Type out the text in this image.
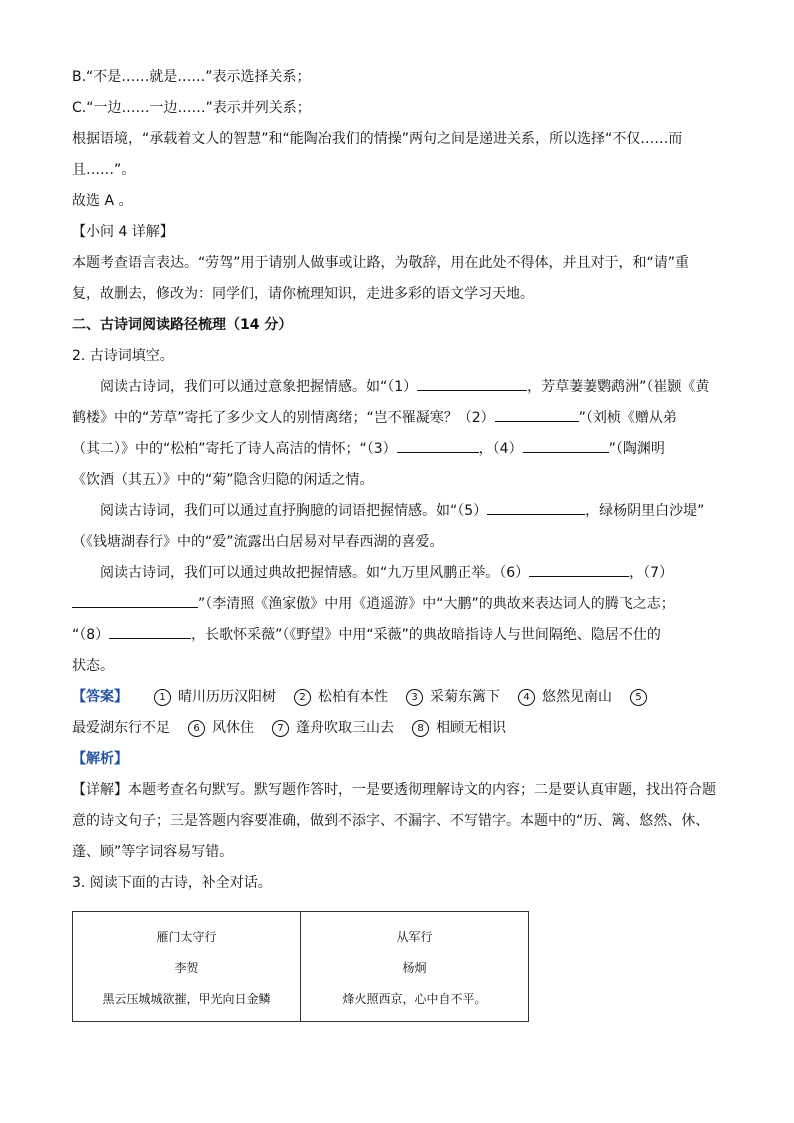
B.“不是……就是……”表示选择关系；
C.“一边……一边……”表示并列关系；
根据语境，“承载着文人的智慧”和“能陶冶我们的情操”两句之间是递进关系，所以选择“不仅……而
且……”。
故选 A 。
【小问 4 详解】
本题考查语言表达。“劳驾”用于请别人做事或让路，为敬辞，用在此处不得体，并且对于，和“请”重
复，故删去，修改为：同学们，请你梳理知识，走进多彩的语文学习天地。
二、古诗词阅读路径梳理（14 分）
2. 古诗词填空。
阅读古诗词，我们可以通过意象把握情感。如“（1）	，芳草萋萋鹦鹉洲”（崔颢《黄
鹤楼》中的“芳草”寄托了多少文人的别情离绪；“岂不罹凝寒？（2）	”（刘桢《赠从弟
（其二）》中的“松柏”寄托了诗人高洁的情怀；“（3）	，（4）	”（陶渊明
《饮酒（其五）》中的“菊”隐含归隐的闲适之情。
阅读古诗词，我们可以通过直抒胸臆的词语把握情感。如“（5）	，绿杨阴里白沙堤”
（《钱塘湖春行》中的“爱”流露出白居易对早春西湖的喜爱。
阅读古诗词，我们可以通过典故把握情感。如“九万里风鹏正举。（6）	，（7）
”（李清照《渔家傲》中用《逍遥游》中“大鹏”的典故来表达词人的腾飞之志；
“（8）	，长歌怀采薇”（《野望》中用“采薇”的典故暗指诗人与世间隔绝、隐居不仕的
状态。
【答案】	1 晴川历历汉阳树	2 松柏有本性	3 采菊东篱下	4 悠然见南山	5
最爱湖东行不足	6 风休住	7 蓬舟吹取三山去	8 相顾无相识
【解析】
【详解】本题考查名句默写。默写题作答时，一是要透彻理解诗文的内容；二是要认真审题，找出符合题
意的诗文句子；三是答题内容要准确，做到不添字、不漏字、不写错字。本题中的“历、篱、悠然、休、
蓬、顾”等字词容易写错。
3. 阅读下面的古诗，补全对话。
雁门太守行
李贺
黑云压城城欲摧，甲光向日金鳞

从军行
杨炯
烽火照西京，心中自不平。
